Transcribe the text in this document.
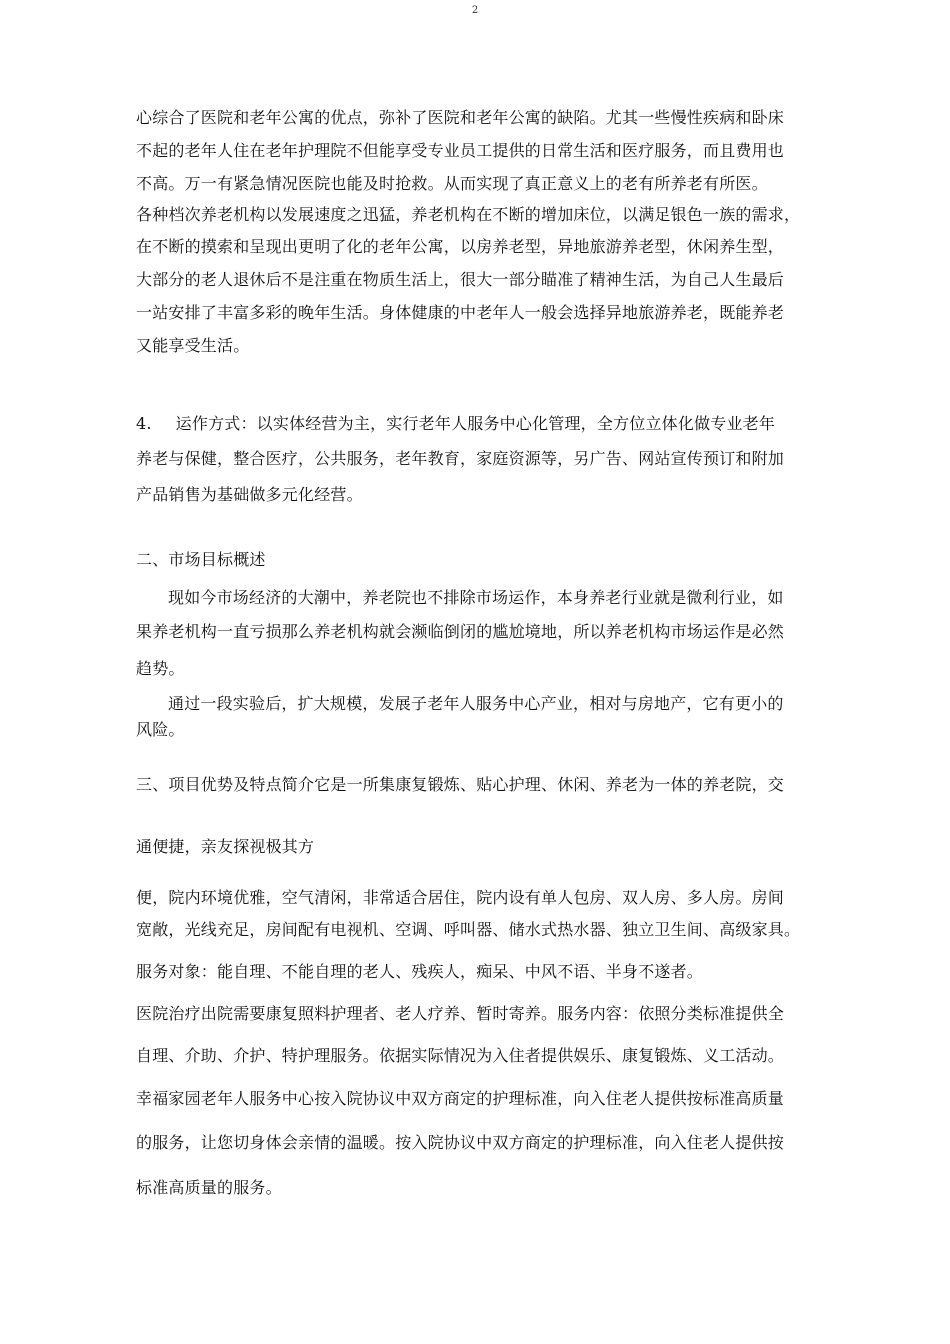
2
心综合了医院和老年公寓的优点，弥补了医院和老年公寓的缺陷。尤其一些慢性疾病和卧床
不起的老年人住在老年护理院不但能享受专业员工提供的日常生活和医疗服务，而且费用也
不高。万一有紧急情况医院也能及时抢救。从而实现了真正意义上的老有所养老有所医。
各种档次养老机构以发展速度之迅猛，养老机构在不断的增加床位，以满足银色一族的需求，
在不断的摸索和呈现出更明了化的老年公寓，以房养老型，异地旅游养老型，休闲养生型，
大部分的老人退休后不是注重在物质生活上，很大一部分瞄准了精神生活，为自己人生最后
一站安排了丰富多彩的晚年生活。身体健康的中老年人一般会选择异地旅游养老，既能养老
又能享受生活。
4. 运作方式：以实体经营为主，实行老年人服务中心化管理，全方位立体化做专业老年
养老与保健，整合医疗，公共服务，老年教育，家庭资源等，另广告、网站宣传预订和附加
产品销售为基础做多元化经营。
二、市场目标概述
现如今市场经济的大潮中，养老院也不排除市场运作，本身养老行业就是微利行业，如
果养老机构一直亏损那么养老机构就会濒临倒闭的尴尬境地，所以养老机构市场运作是必然
趋势。
通过一段实验后，扩大规模，发展子老年人服务中心产业，相对与房地产，它有更小的
风险。
三、项目优势及特点简介它是一所集康复锻炼、贴心护理、休闲、养老为一体的养老院，交
通便捷，亲友探视极其方
便，院内环境优雅，空气清闲，非常适合居住，院内设有单人包房、双人房、多人房。房间
宽敞，光线充足，房间配有电视机、空调、呼叫器、储水式热水器、独立卫生间、高级家具。
服务对象：能自理、不能自理的老人、残疾人，痴呆、中风不语、半身不遂者。
医院治疗出院需要康复照料护理者、老人疗养、暂时寄养。服务内容：依照分类标准提供全
自理、介助、介护、特护理服务。依据实际情况为入住者提供娱乐、康复锻炼、义工活动。
幸福家园老年人服务中心按入院协议中双方商定的护理标准，向入住老人提供按标准高质量
的服务，让您切身体会亲情的温暖。按入院协议中双方商定的护理标准，向入住老人提供按
标准高质量的服务。
